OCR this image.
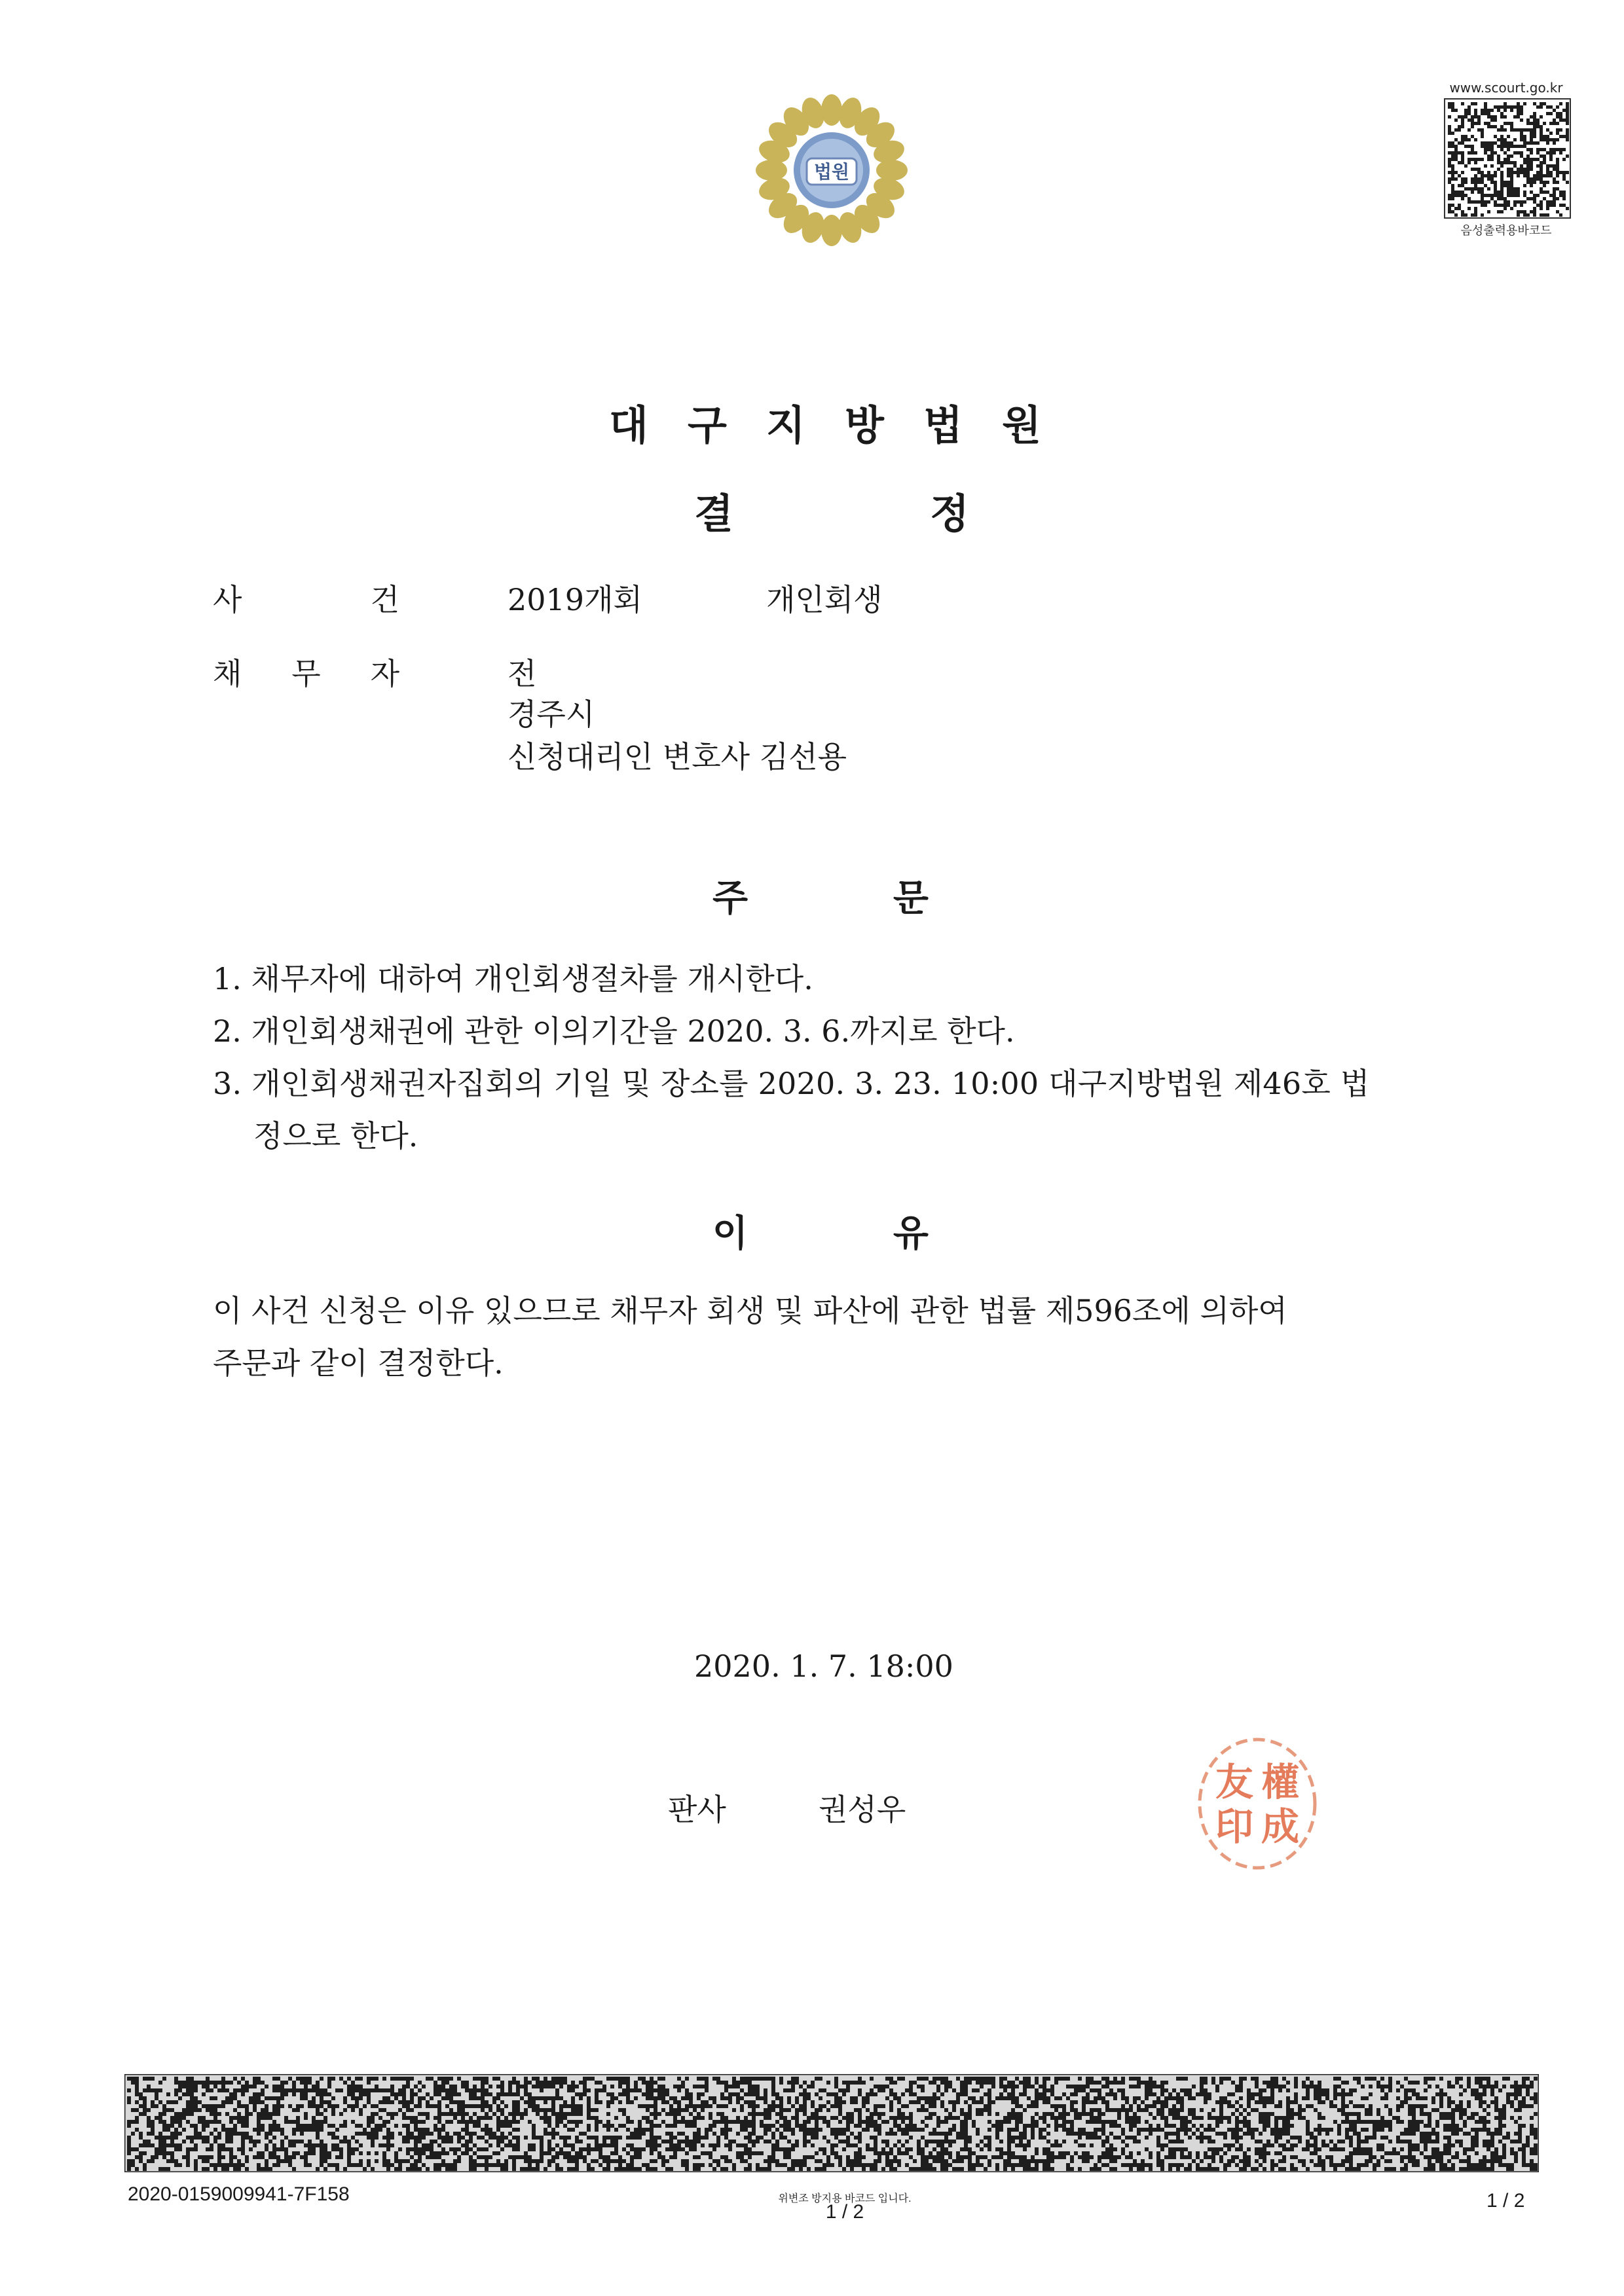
법원
www.scourt.go.kr
음성출력용바코드
대 구 지 방 법 원
결	정
사	건	2019개회	개인회생
채 무 자	전
경주시
신청대리인 변호사 김선용
주	문
1. 채무자에 대하여 개인회생절차를 개시한다.
2. 개인회생채권에 관한 이의기간을 2020. 3. 6.까지로 한다.
3. 개인회생채권자집회의 기일 및 장소를 2020. 3. 23. 10:00 대구지방법원 제46호 법
정으로 한다.
이	유
이 사건 신청은 이유 있으므로 채무자 회생 및 파산에 관한 법률 제596조에 의하여
주문과 같이 결정한다.
2020. 1. 7. 18:00
판사	권성우
權
成
友
印
2020-0159009941-7F158	위변조 방지용 바코드 입니다.
1 / 2
1 / 2
